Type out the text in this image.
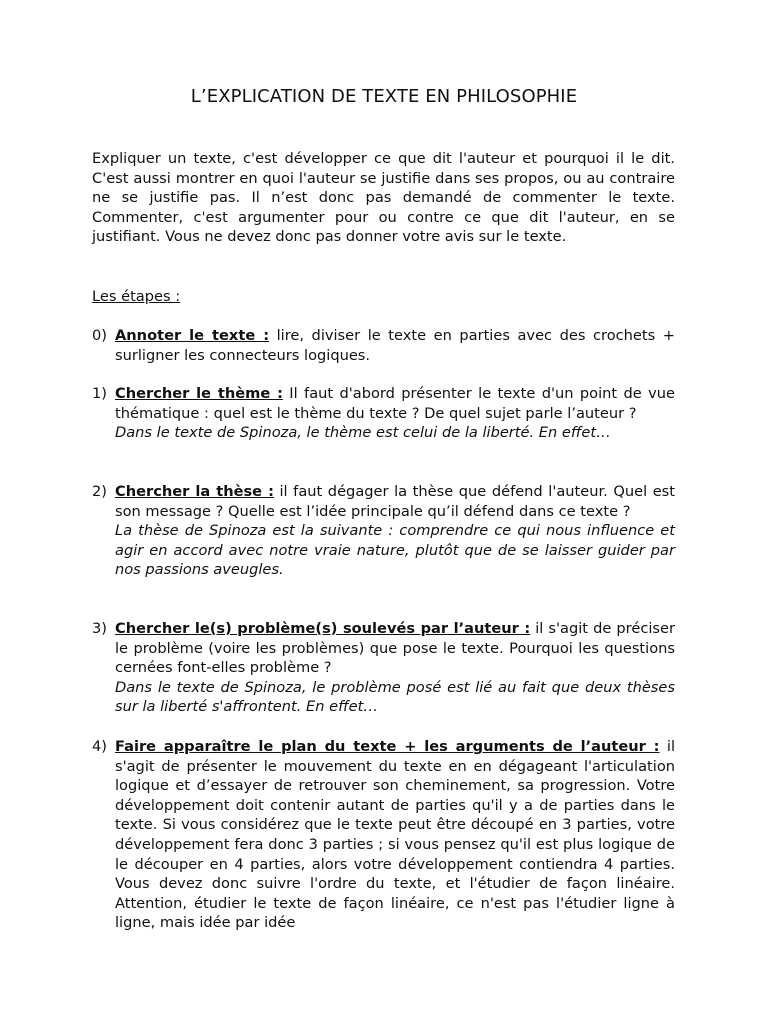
L’EXPLICATION DE TEXTE EN PHILOSOPHIE

Expliquer un texte, c'est développer ce que dit l'auteur et pourquoi il le dit. C'est aussi montrer en quoi l'auteur se justifie dans ses propos, ou au contraire ne se justifie pas. Il n’est donc pas demandé de commenter le texte. Commenter, c'est argumenter pour ou contre ce que dit l'auteur, en se justifiant. Vous ne devez donc pas donner votre avis sur le texte.

Les étapes :
0) Annoter le texte : lire, diviser le texte en parties avec des crochets + surligner les connecteurs logiques.

1) Chercher le thème : Il faut d'abord présenter le texte d'un point de vue thématique : quel est le thème du texte ? De quel sujet parle l’auteur ?

Dans le texte de Spinoza, le thème est celui de la liberté. En effet…

2) Chercher la thèse : il faut dégager la thèse que défend l'auteur. Quel est son message ? Quelle est l’idée principale qu’il défend dans ce texte ?

La thèse de Spinoza est la suivante : comprendre ce qui nous influence et agir en accord avec notre vraie nature, plutôt que de se laisser guider par nos passions aveugles.

3) Chercher le(s) problème(s) soulevés par l’auteur : il s'agit de préciser le problème (voire les problèmes) que pose le texte. Pourquoi les questions cernées font-elles problème ?

Dans le texte de Spinoza, le problème posé est lié au fait que deux thèses sur la liberté s'affrontent. En effet…

4) Faire apparaître le plan du texte + les arguments de l’auteur : il s'agit de présenter le mouvement du texte en en dégageant l'articulation logique et d’essayer de retrouver son cheminement, sa progression. Votre développement doit contenir autant de parties qu'il y a de parties dans le texte. Si vous considérez que le texte peut être découpé en 3 parties, votre développement fera donc 3 parties ; si vous pensez qu'il est plus logique de le découper en 4 parties, alors votre développement contiendra 4 parties. Vous devez donc suivre l'ordre du texte, et l'étudier de façon linéaire. Attention, étudier le texte de façon linéaire, ce n'est pas l'étudier ligne à ligne, mais idée par idée
